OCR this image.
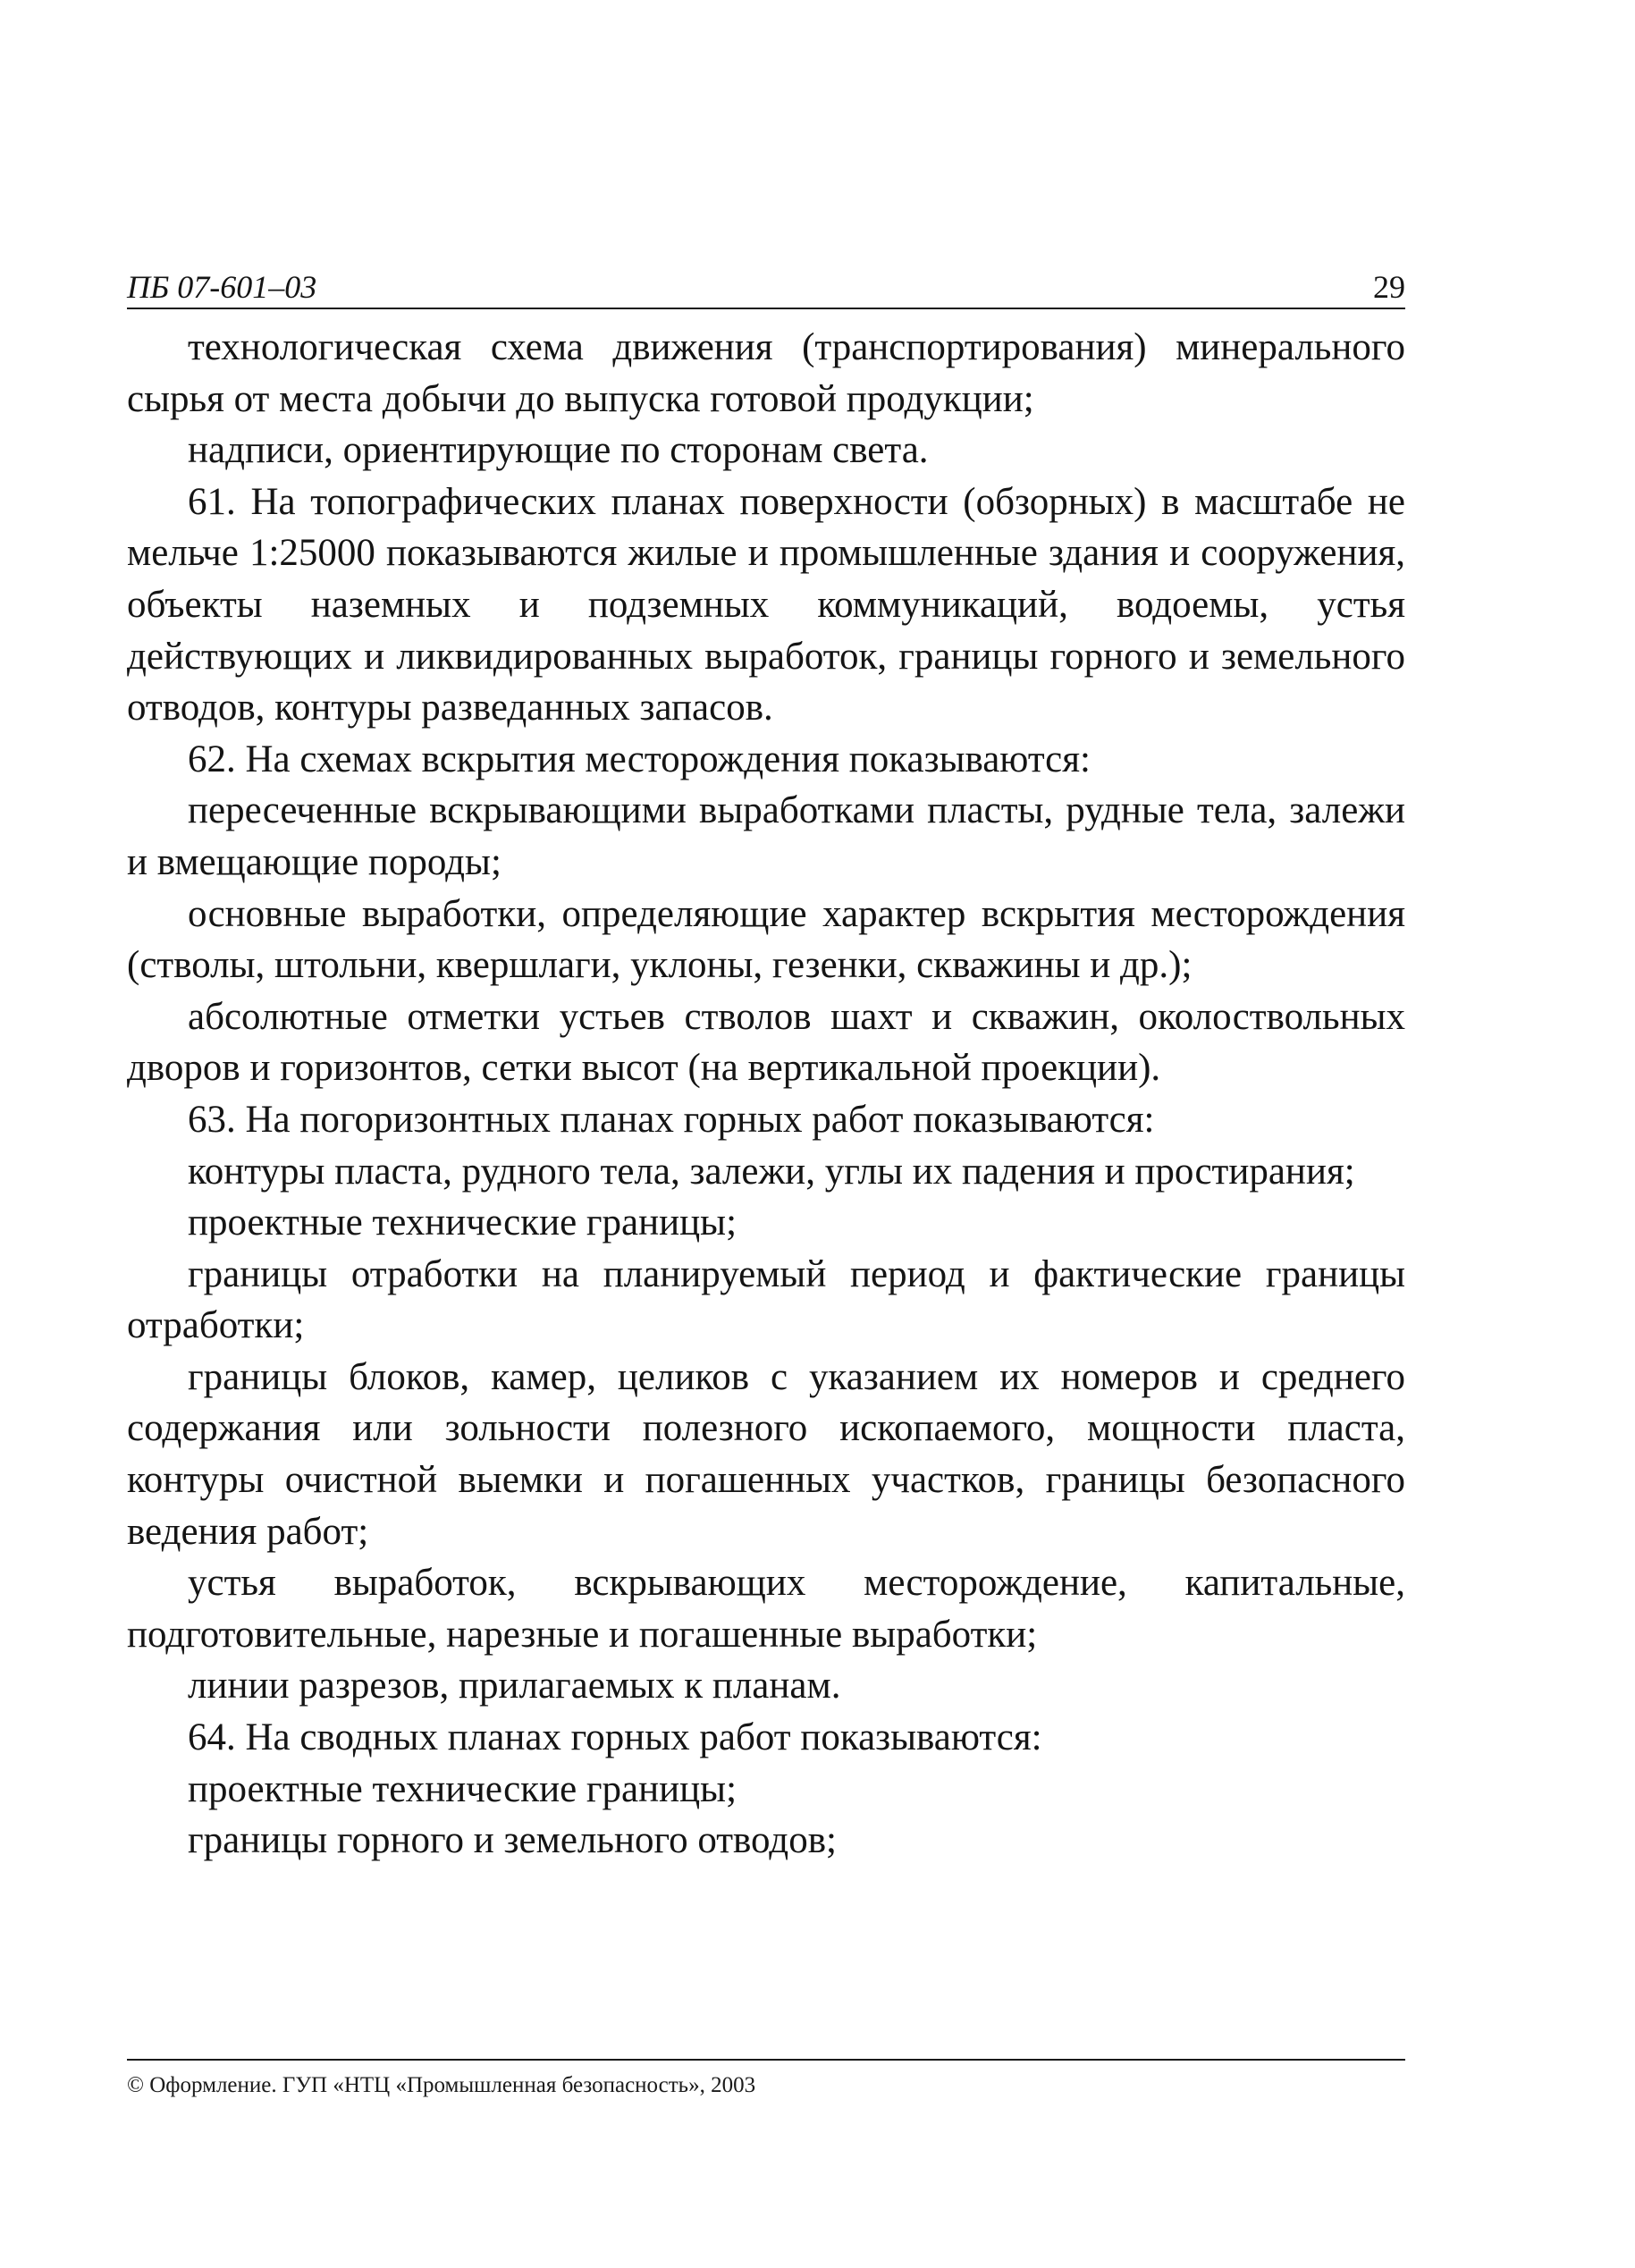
ПБ 07-601–03	29

технологическая схема движения (транспортирования) минерального сырья от места добычи до выпуска готовой продукции;

надписи, ориентирующие по сторонам света.

61. На топографических планах поверхности (обзорных) в масштабе не мельче 1:25000 показываются жилые и промышленные здания и сооружения, объекты наземных и подземных коммуникаций, водоемы, устья действующих и ликвидированных выработок, границы горного и земельного отводов, контуры разведанных запасов.

62. На схемах вскрытия месторождения показываются:

пересеченные вскрывающими выработками пласты, рудные тела, залежи и вмещающие породы;

основные выработки, определяющие характер вскрытия месторождения (стволы, штольни, квершлаги, уклоны, гезенки, скважины и др.);

абсолютные отметки устьев стволов шахт и скважин, околоствольных дворов и горизонтов, сетки высот (на вертикальной проекции).

63. На погоризонтных планах горных работ показываются:

контуры пласта, рудного тела, залежи, углы их падения и простирания;

проектные технические границы;

границы отработки на планируемый период и фактические границы отработки;

границы блоков, камер, целиков с указанием их номеров и среднего содержания или зольности полезного ископаемого, мощности пласта, контуры очистной выемки и погашенных участков, границы безопасного ведения работ;

устья выработок, вскрывающих месторождение, капитальные, подготовительные, нарезные и погашенные выработки;

линии разрезов, прилагаемых к планам.

64. На сводных планах горных работ показываются:

проектные технические границы;

границы горного и земельного отводов;

© Оформление. ГУП «НТЦ «Промышленная безопасность», 2003
